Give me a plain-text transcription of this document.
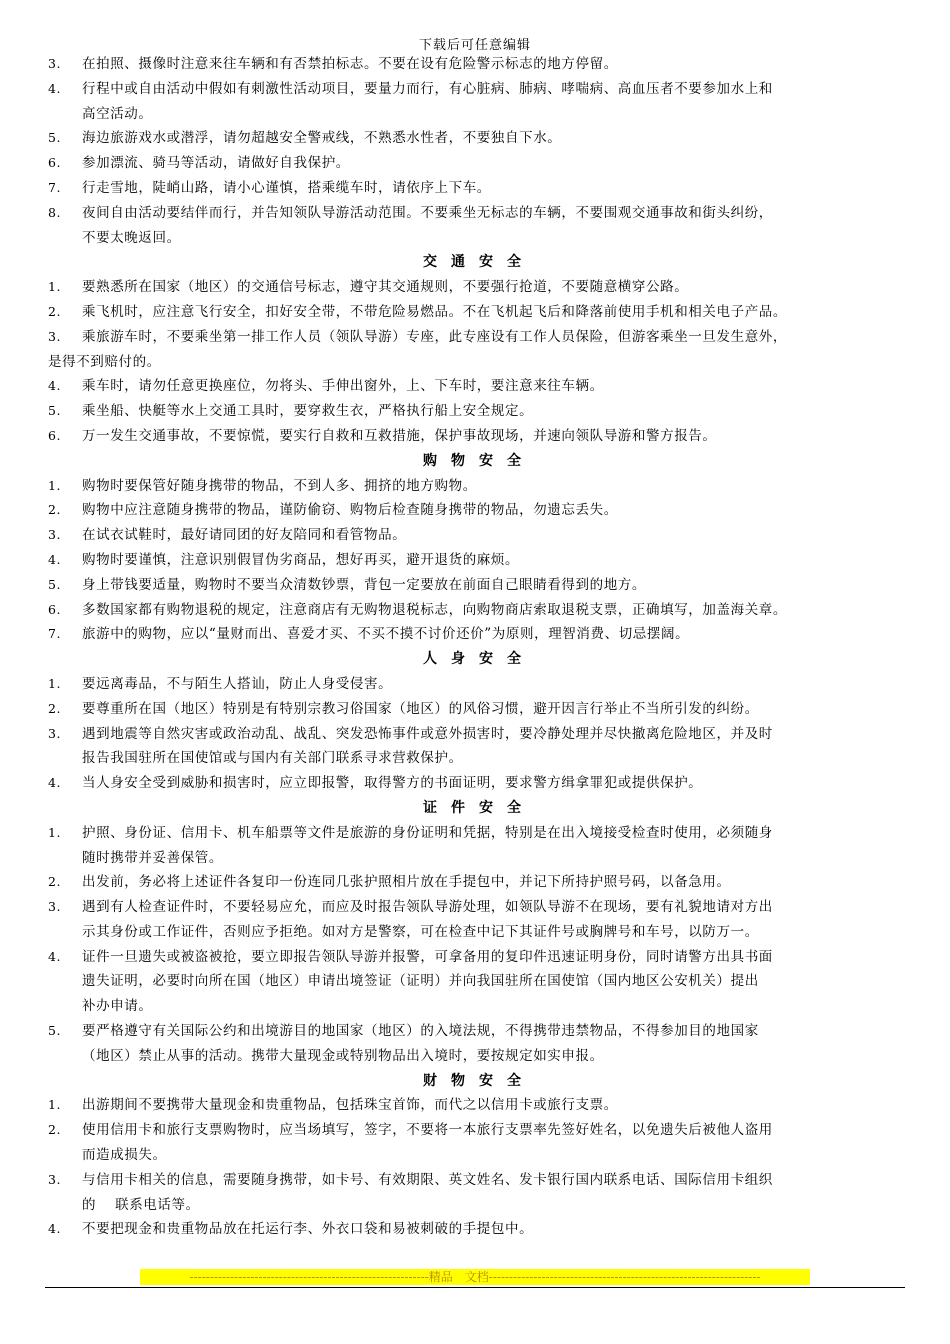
下载后可任意编辑
3. 在拍照、摄像时注意来往车辆和有否禁拍标志。不要在设有危险警示标志的地方停留。
4. 行程中或自由活动中假如有刺激性活动项目，要量力而行，有心脏病、肺病、哮喘病、高血压者不要参加水上和
高空活动。
5. 海边旅游戏水或潜浮，请勿超越安全警戒线，不熟悉水性者，不要独自下水。
6. 参加漂流、骑马等活动，请做好自我保护。
7. 行走雪地，陡峭山路，请小心谨慎，搭乘缆车时，请依序上下车。
8. 夜间自由活动要结伴而行，并告知领队导游活动范围。不要乘坐无标志的车辆，不要围观交通事故和街头纠纷，
不要太晚返回。
交通安全
1. 要熟悉所在国家（地区）的交通信号标志，遵守其交通规则，不要强行抢道，不要随意横穿公路。
2. 乘飞机时，应注意飞行安全，扣好安全带，不带危险易燃品。不在飞机起飞后和降落前使用手机和相关电子产品。
3. 乘旅游车时，不要乘坐第一排工作人员（领队导游）专座，此专座设有工作人员保险，但游客乘坐一旦发生意外，
是得不到赔付的。
4. 乘车时，请勿任意更换座位，勿将头、手伸出窗外，上、下车时，要注意来往车辆。
5. 乘坐船、快艇等水上交通工具时，要穿救生衣，严格执行船上安全规定。
6. 万一发生交通事故，不要惊慌，要实行自救和互救措施，保护事故现场，并速向领队导游和警方报告。
购物安全
1. 购物时要保管好随身携带的物品，不到人多、拥挤的地方购物。
2. 购物中应注意随身携带的物品，谨防偷窃、购物后检查随身携带的物品，勿遗忘丢失。
3. 在试衣试鞋时，最好请同团的好友陪同和看管物品。
4. 购物时要谨慎，注意识别假冒伪劣商品，想好再买，避开退货的麻烦。
5. 身上带钱要适量，购物时不要当众清数钞票，背包一定要放在前面自己眼睛看得到的地方。
6. 多数国家都有购物退税的规定，注意商店有无购物退税标志，向购物商店索取退税支票，正确填写，加盖海关章。
7. 旅游中的购物，应以“量财而出、喜爱才买、不买不摸不讨价还价”为原则，理智消费、切忌摆阔。
人身安全
1. 要远离毒品，不与陌生人搭讪，防止人身受侵害。
2. 要尊重所在国（地区）特别是有特别宗教习俗国家（地区）的风俗习惯，避开因言行举止不当所引发的纠纷。
3. 遇到地震等自然灾害或政治动乱、战乱、突发恐怖事件或意外损害时，要冷静处理并尽快撤离危险地区，并及时
报告我国驻所在国使馆或与国内有关部门联系寻求营救保护。
4. 当人身安全受到威胁和损害时，应立即报警，取得警方的书面证明，要求警方缉拿罪犯或提供保护。
证件安全
1. 护照、身份证、信用卡、机车船票等文件是旅游的身份证明和凭据，特别是在出入境接受检查时使用，必须随身
随时携带并妥善保管。
2. 出发前，务必将上述证件各复印一份连同几张护照相片放在手提包中，并记下所持护照号码，以备急用。
3. 遇到有人检查证件时，不要轻易应允，而应及时报告领队导游处理，如领队导游不在现场，要有礼貌地请对方出
示其身份或工作证件，否则应予拒绝。如对方是警察，可在检查中记下其证件号或胸牌号和车号，以防万一。
4. 证件一旦遗失或被盗被抢，要立即报告领队导游并报警，可拿备用的复印件迅速证明身份，同时请警方出具书面
遗失证明，必要时向所在国（地区）申请出境签证（证明）并向我国驻所在国使馆（国内地区公安机关）提出
补办申请。
5. 要严格遵守有关国际公约和出境游目的地国家（地区）的入境法规，不得携带违禁物品，不得参加目的地国家
（地区）禁止从事的活动。携带大量现金或特别物品出入境时，要按规定如实申报。
财物安全
1. 出游期间不要携带大量现金和贵重物品，包括珠宝首饰，而代之以信用卡或旅行支票。
2. 使用信用卡和旅行支票购物时，应当场填写，签字，不要将一本旅行支票率先签好姓名，以免遗失后被他人盗用
而造成损失。
3. 与信用卡相关的信息，需要随身携带，如卡号、有效期限、英文姓名、发卡银行国内联系电话、国际信用卡组织
的　 联系电话等。
4. 不要把现金和贵重物品放在托运行李、外衣口袋和易被刺破的手提包中。
-----------------------------------------------------------精品　文档-------------------------------------------------------------------
